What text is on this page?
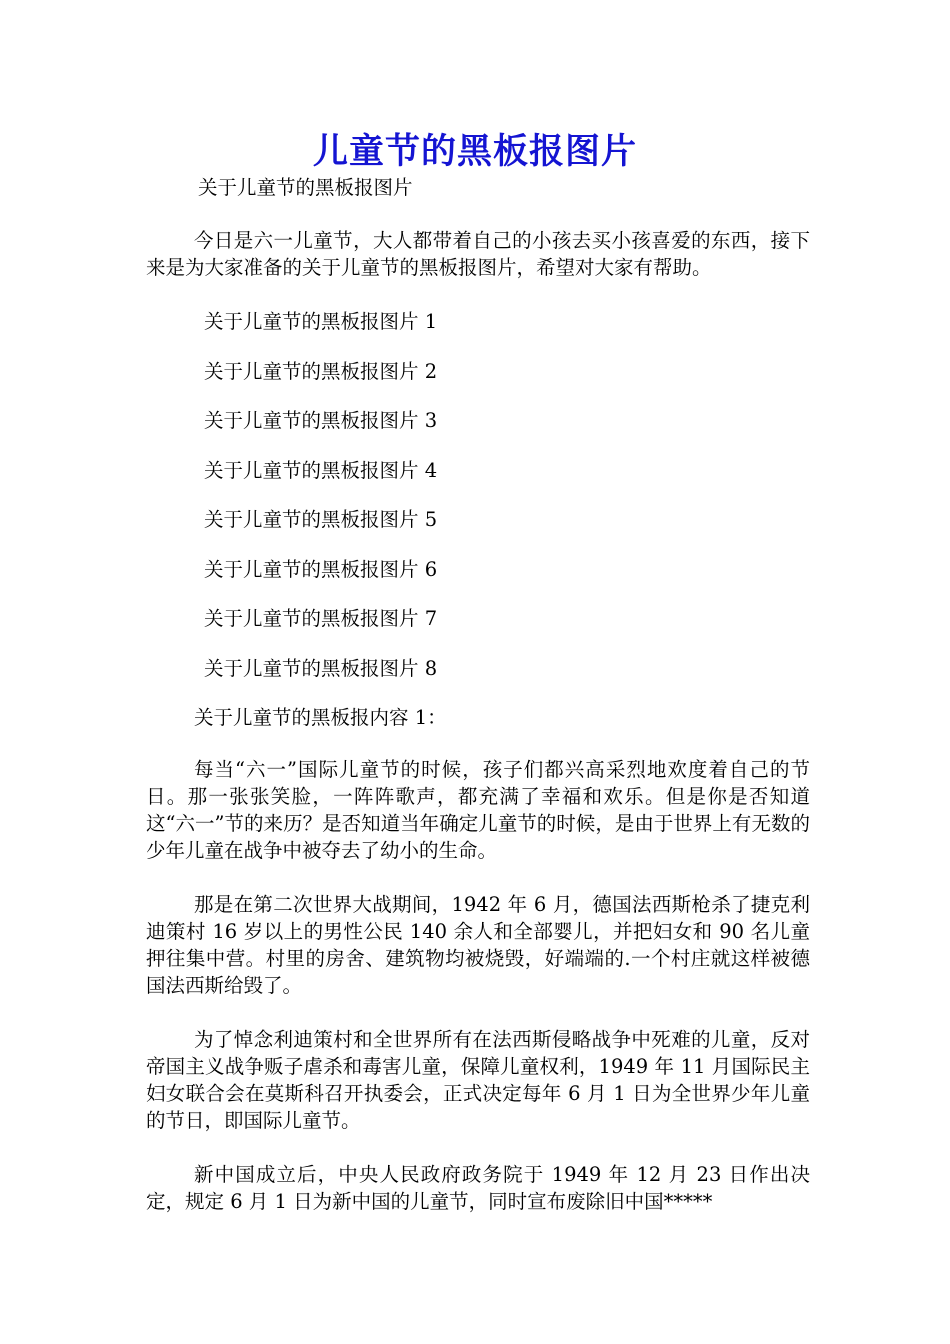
儿童节的黑板报图片

关于儿童节的黑板报图片

今日是六一儿童节，大人都带着自己的小孩去买小孩喜爱的东西，接下来是为大家准备的关于儿童节的黑板报图片，希望对大家有帮助。

关于儿童节的黑板报图片 1

关于儿童节的黑板报图片 2

关于儿童节的黑板报图片 3

关于儿童节的黑板报图片 4

关于儿童节的黑板报图片 5

关于儿童节的黑板报图片 6

关于儿童节的黑板报图片 7

关于儿童节的黑板报图片 8

关于儿童节的黑板报内容 1：

每当“六一”国际儿童节的时候，孩子们都兴高采烈地欢度着自己的节日。那一张张笑脸，一阵阵歌声，都充满了幸福和欢乐。但是你是否知道这“六一”节的来历？是否知道当年确定儿童节的时候，是由于世界上有无数的少年儿童在战争中被夺去了幼小的生命。

那是在第二次世界大战期间，1942 年 6 月，德国法西斯枪杀了捷克利迪策村 16 岁以上的男性公民 140 余人和全部婴儿，并把妇女和 90 名儿童押往集中营。村里的房舍、建筑物均被烧毁，好端端的.一个村庄就这样被德国法西斯给毁了。

为了悼念利迪策村和全世界所有在法西斯侵略战争中死难的儿童，反对帝国主义战争贩子虐杀和毒害儿童，保障儿童权利，1949 年 11 月国际民主妇女联合会在莫斯科召开执委会，正式决定每年 6 月 1 日为全世界少年儿童的节日，即国际儿童节。

新中国成立后，中央人民政府政务院于 1949 年 12 月 23 日作出决定，规定 6 月 1 日为新中国的儿童节，同时宣布废除旧中国*****
